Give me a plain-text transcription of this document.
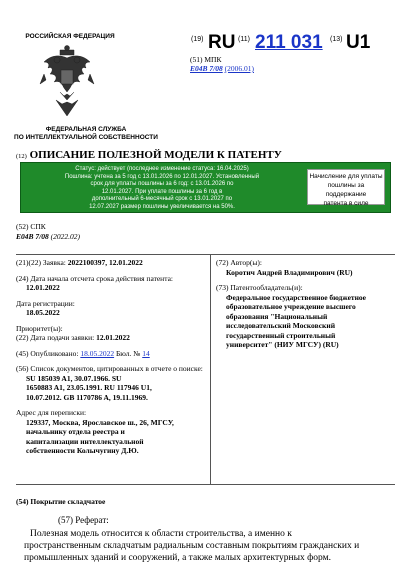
РОССИЙСКАЯ ФЕДЕРАЦИЯ
ФЕДЕРАЛЬНАЯ СЛУЖБА
ПО ИНТЕЛЛЕКТУАЛЬНОЙ СОБСТВЕННОСТИ
(19) RU (11) 211 031 (13) U1
(51) МПК
E04B 7/08 (2006.01)
(12) ОПИСАНИЕ ПОЛЕЗНОЙ МОДЕЛИ К ПАТЕНТУ
Статус: действует (последнее изменение статуса: 16.04.2025)
Пошлина: учтена за 5 год с 13.01.2026 по 12.01.2027. Установленный
срок для уплаты пошлины за 6 год: с 13.01.2026 по
12.01.2027. При уплате пошлины за 6 год в
дополнительный 6-месячный срок с 13.01.2027 по
12.07.2027 размер пошлины увеличивается на 50%.
Начисление для уплаты
пошлины за поддержание
патента в силе
(52) СПК
E04B 7/08 (2022.02)
(21)(22) Заявка: 2022100397, 12.01.2022
(24) Дата начала отсчета срока действия патента:
12.01.2022
Дата регистрации:
18.05.2022
Приоритет(ы):
(22) Дата подачи заявки: 12.01.2022
(45) Опубликовано: 18.05.2022 Бюл. № 14
(56) Список документов, цитированных в отчете о поиске:
SU 185039 A1, 30.07.1966. SU
1650883 A1, 23.05.1991. RU 117946 U1,
10.07.2012. GB 1170786 A, 19.11.1969.
Адрес для переписки:
129337, Москва, Ярославское ш., 26, МГСУ,
начальнику отдела реестра и
капитализации интеллектуальной
собственности Колычугину Д.Ю.
(72) Автор(ы):
Коротич Андрей Владимирович (RU)
(73) Патентообладатель(и):
Федеральное государственное бюджетное
образовательное учреждение высшего
образования "Национальный
исследовательский Московский
государственный строительный
университет" (НИУ МГСУ) (RU)
(54) Покрытие складчатое
(57) Реферат:
Полезная модель относится к области строительства, а именно к
пространственным складчатым радиальным составным покрытиям гражданских и
промышленных зданий и сооружений, а также малых архитектурных форм.
